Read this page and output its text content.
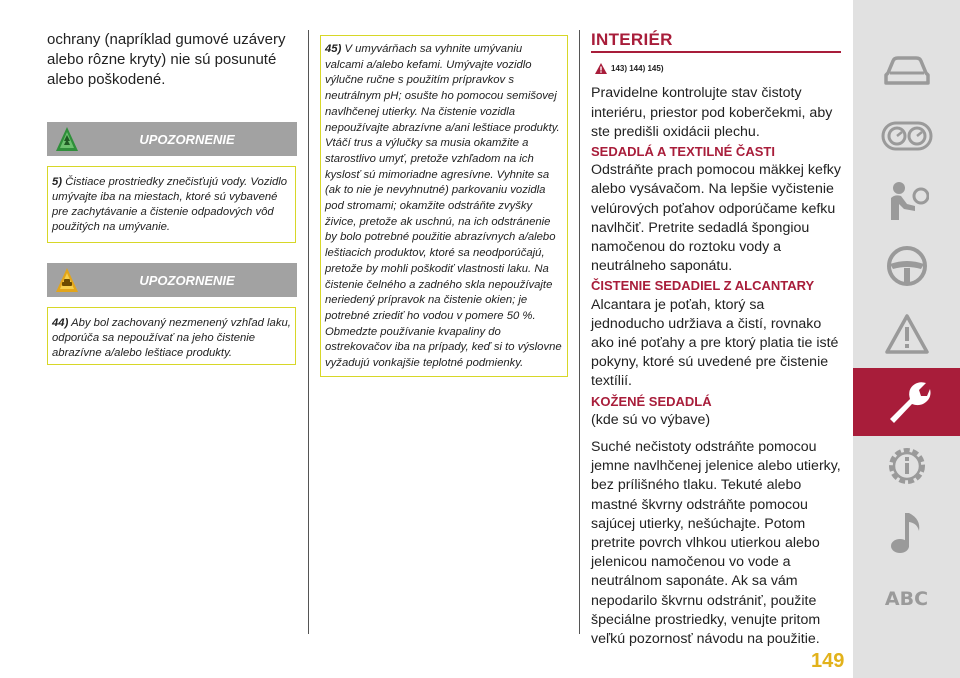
ochrany (napríklad gumové uzávery alebo rôzne kryty) nie sú posunuté alebo poškodené.

UPOZORNENIE
5) Čistiace prostriedky znečisťujú vody. Vozidlo umývajte iba na miestach, ktoré sú vybavené pre zachytávanie a čistenie odpadových vôd použitých na umývanie.
UPOZORNENIE
44) Aby bol zachovaný nezmenený vzhľad laku, odporúča sa nepoužívať na jeho čistenie abrazívne a/alebo leštiace produkty.
45) V umyvárňach sa vyhnite umývaniu valcami a/alebo kefami. Umývajte vozidlo výlučne ručne s použitím prípravkov s neutrálnym pH; osušte ho pomocou semišovej navlhčenej utierky. Na čistenie vozidla nepoužívajte abrazívne a/ani leštiace produkty. Vtáčí trus a výlučky sa musia okamžite a starostlivo umyť, pretože vzhľadom na ich kyslosť sú mimoriadne agresívne. Vyhnite sa (ak to nie je nevyhnutné) parkovaniu vozidla pod stromami; okamžite odstráňte zvyšky živice, pretože ak uschnú, na ich odstránenie by bolo potrebné použitie abrazívnych a/alebo leštiacich produktov, ktoré sa neodporúčajú, pretože by mohli poškodiť vlastnosti laku. Na čistenie čelného a zadného skla nepoužívajte neriedený prípravok na čistenie okien; je potrebné zriediť ho vodou v pomere 50 %. Obmedzte používanie kvapaliny do ostrekovačov iba na prípady, keď si to výslovne vyžadujú vonkajšie teplotné podmienky.
INTERIÉR
143) 144) 145)

Pravidelne kontrolujte stav čistoty interiéru, priestor pod koberčekmi, aby ste predišli oxidácii plechu.

SEDADLÁ A TEXTILNÉ ČASTI

Odstráňte prach pomocou mäkkej kefky alebo vysávačom. Na lepšie vyčistenie velúrových poťahov odporúčame kefku navlhčiť. Pretrite sedadlá špongiou namočenou do roztoku vody a neutrálneho saponátu.

ČISTENIE SEDADIEL Z ALCANTARY

Alcantara je poťah, ktorý sa jednoducho udržiava a čistí, rovnako ako iné poťahy a pre ktorý platia tie isté pokyny, ktoré sú uvedené pre čistenie textílií.

KOŽENÉ SEDADLÁ

(kde sú vo výbave)

Suché nečistoty odstráňte pomocou jemne navlhčenej jelenice alebo utierky, bez prílišného tlaku. Tekuté alebo mastné škvrny odstráňte pomocou sajúcej utierky, nešúchajte. Potom pretrite povrch vlhkou utierkou alebo jelenicou namočenou vo vode a neutrálnom saponáte. Ak sa vám nepodarilo škvrnu odstrániť, použite špeciálne prostriedky, venujte pritom veľkú pozornosť návodu na použitie.

ABC
149
